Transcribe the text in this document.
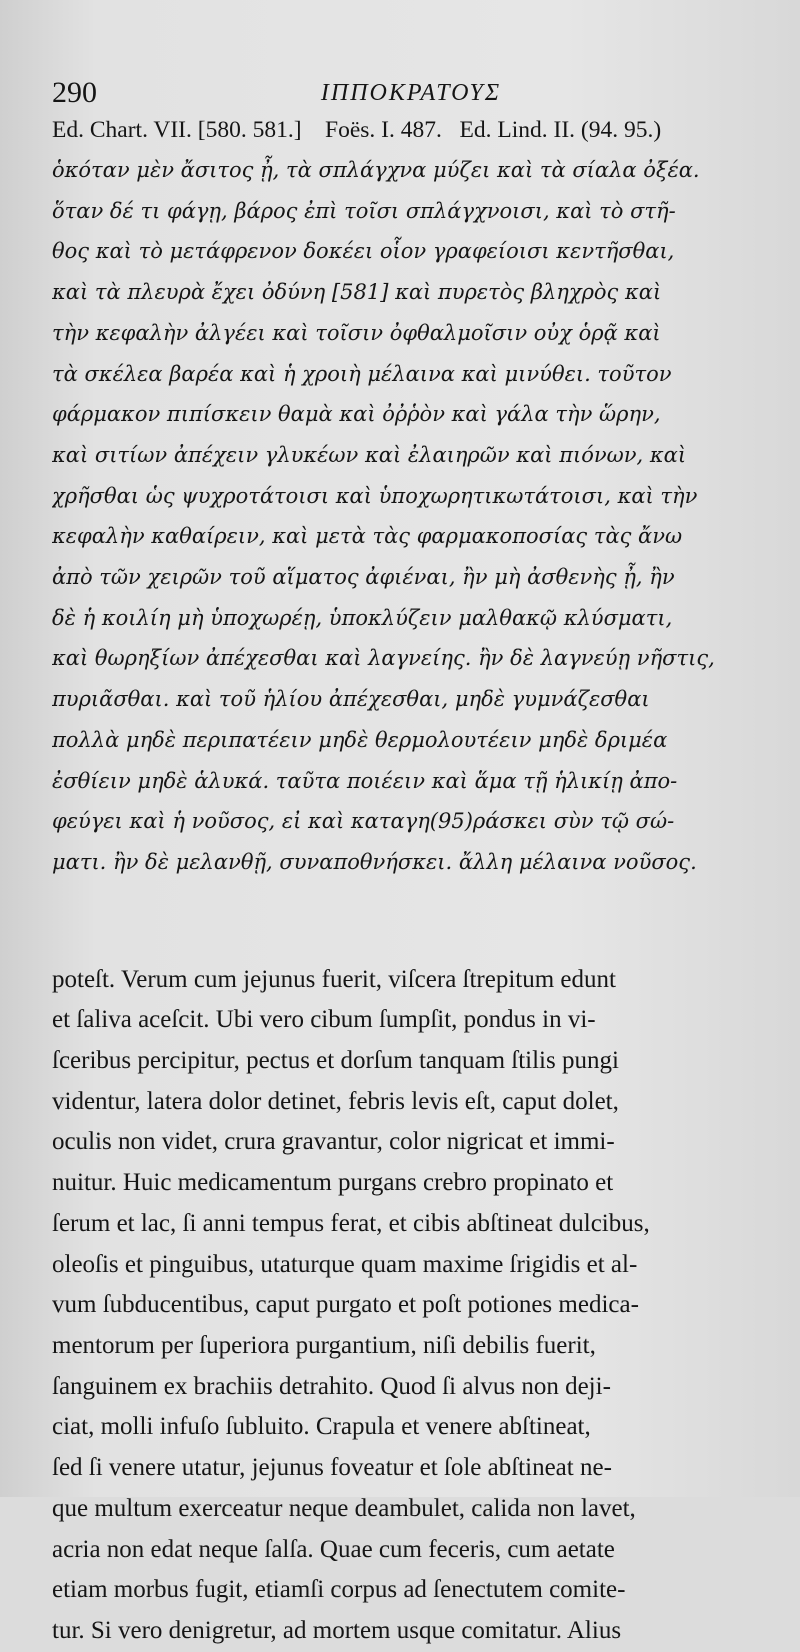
290	ΙΠΠΟΚΡΑΤΟΥΣ
Ed. Chart. VII. [580. 581.]    Foës. I. 487.   Ed. Lind. II. (94. 95.)
ὁκόταν μὲν ἄσιτος ᾖ, τὰ σπλάγχνα μύζει καὶ τὰ σίαλα ὀξέα.
ὅταν δέ τι φάγῃ, βάρος ἐπὶ τοῖσι σπλάγχνοισι, καὶ τὸ στῆ-
θος καὶ τὸ μετάφρενον δοκέει οἷον γραφείοισι κεντῆσθαι,
καὶ τὰ πλευρὰ ἔχει ὀδύνη [581] καὶ πυρετὸς βληχρὸς καὶ
τὴν κεφαλὴν ἀλγέει καὶ τοῖσιν ὀφθαλμοῖσιν οὐχ ὁρᾷ καὶ
τὰ σκέλεα βαρέα καὶ ἡ χροιὴ μέλαινα καὶ μινύθει. τοῦτον
φάρμακον πιπίσκειν θαμὰ καὶ ὀῤῥὸν καὶ γάλα τὴν ὥρην,
καὶ σιτίων ἀπέχειν γλυκέων καὶ ἐλαιηρῶν καὶ πιόνων, καὶ
χρῆσθαι ὡς ψυχροτάτοισι καὶ ὑποχωρητικωτάτοισι, καὶ τὴν
κεφαλὴν καθαίρειν, καὶ μετὰ τὰς φαρμακοποσίας τὰς ἄνω
ἀπὸ τῶν χειρῶν τοῦ αἵματος ἀφιέναι, ἢν μὴ ἀσθενὴς ᾖ, ἢν
δὲ ἡ κοιλίη μὴ ὑποχωρέῃ, ὑποκλύζειν μαλθακῷ κλύσματι,
καὶ θωρηξίων ἀπέχεσθαι καὶ λαγνείης. ἢν δὲ λαγνεύῃ νῆστις,
πυριᾶσθαι. καὶ τοῦ ἡλίου ἀπέχεσθαι, μηδὲ γυμνάζεσθαι
πολλὰ μηδὲ περιπατέειν μηδὲ θερμολουτέειν μηδὲ δριμέα
ἐσθίειν μηδὲ ἁλυκά. ταῦτα ποιέειν καὶ ἅμα τῇ ἡλικίῃ ἀπο-
φεύγει καὶ ἡ νοῦσος, εἰ καὶ καταγη(95)ράσκει σὺν τῷ σώ-
ματι. ἢν δὲ μελανθῇ, συναποθνήσκει. ἄλλη μέλαινα νοῦσος.
poteſt. Verum cum jejunus fuerit, viſcera ſtrepitum edunt
et ſaliva aceſcit. Ubi vero cibum ſumpſit, pondus in vi-
ſceribus percipitur, pectus et dorſum tanquam ſtilis pungi
videntur, latera dolor detinet, febris levis eſt, caput dolet,
oculis non videt, crura gravantur, color nigricat et immi-
nuitur. Huic medicamentum purgans crebro propinato et
ſerum et lac, ſi anni tempus ferat, et cibis abſtineat dulcibus,
oleoſis et pinguibus, utaturque quam maxime ſrigidis et al-
vum ſubducentibus, caput purgato et poſt potiones medica-
mentorum per ſuperiora purgantium, niſi debilis fuerit,
ſanguinem ex brachiis detrahito. Quod ſi alvus non deji-
ciat, molli infuſo ſubluito. Crapula et venere abſtineat,
ſed ſi venere utatur, jejunus foveatur et ſole abſtineat ne-
que multum exerceatur neque deambulet, calida non lavet,
acria non edat neque ſalſa. Quae cum feceris, cum aetate
etiam morbus fugit, etiamſi corpus ad ſenectutem comite-
tur. Si vero denigretur, ad mortem usque comitatur. Alius
